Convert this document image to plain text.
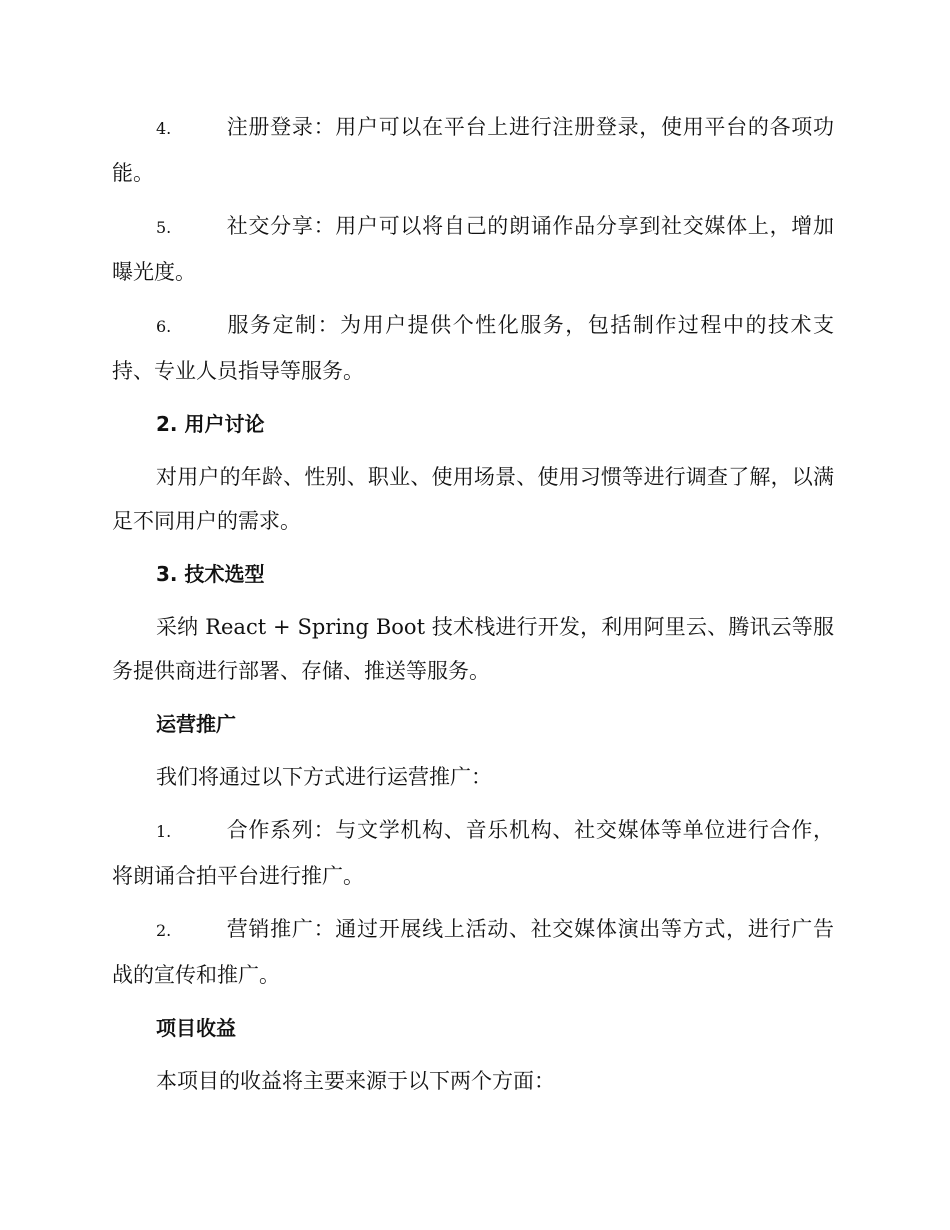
4.	注册登录：用户可以在平台上进行注册登录，使用平台的各项功能。

5.	社交分享：用户可以将自己的朗诵作品分享到社交媒体上，增加曝光度。

6.	服务定制：为用户提供个性化服务，包括制作过程中的技术支持、专业人员指导等服务。

2. 用户讨论

对用户的年龄、性别、职业、使用场景、使用习惯等进行调查了解，以满足不同用户的需求。

3. 技术选型

采纳 React + Spring Boot 技术栈进行开发，利用阿里云、腾讯云等服务提供商进行部署、存储、推送等服务。

运营推广

我们将通过以下方式进行运营推广：

1.	合作系列：与文学机构、音乐机构、社交媒体等单位进行合作，将朗诵合拍平台进行推广。

2.	营销推广：通过开展线上活动、社交媒体演出等方式，进行广告战的宣传和推广。

项目收益

本项目的收益将主要来源于以下两个方面：
